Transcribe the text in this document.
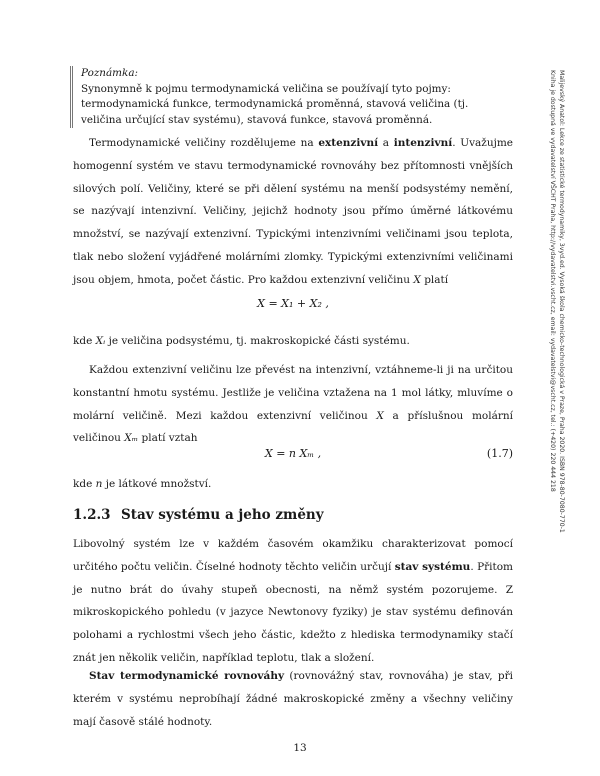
Poznámka:
Synonymně k pojmu termodynamická veličina se používají tyto pojmy: termodynamická funkce, termodynamická proměnná, stavová veličina (tj. veličina určující stav systému), stavová funkce, stavová proměnná.
Termodynamické veličiny rozdělujeme na extenzivní a intenzivní. Uvažujme homogenní systém ve stavu termodynamické rovnováhy bez přítomnosti vnějších silových polí. Veličiny, které se při dělení systému na menší podsystémy nemění, se nazývají intenzivní. Veličiny, jejichž hodnoty jsou přímo úměrné látkovému množství, se nazývají extenzivní. Typickými intenzivními veličinami jsou teplota, tlak nebo složení vyjádřené molárními zlomky. Typickými extenzivními veličinami jsou objem, hmota, počet částic. Pro každou extenzivní veličinu X platí
X = X₁ + X₂ ,
kde Xᵢ je veličina podsystému, tj. makroskopické části systému.
Každou extenzivní veličinu lze převést na intenzivní, vztáhneme-li ji na určitou konstantní hmotu systému. Jestliže je veličina vztažena na 1 mol látky, mluvíme o molární veličině. Mezi každou extenzivní veličinou X a příslušnou molární veličinou Xₘ platí vztah
X = n Xₘ ,	(1.7)
kde n je látkové množství.
1.2.3 Stav systému a jeho změny
Libovolný systém lze v každém časovém okamžiku charakterizovat pomocí určitého počtu veličin. Číselné hodnoty těchto veličin určují stav systému. Přitom je nutno brát do úvahy stupeň obecnosti, na němž systém pozorujeme. Z mikroskopického pohledu (v jazyce Newtonovy fyziky) je stav systému definován polohami a rychlostmi všech jeho částic, kdežto z hlediska termodynamiky stačí znát jen několik veličin, například teplotu, tlak a složení.
Stav termodynamické rovnováhy (rovnovážný stav, rovnováha) je stav, při kterém v systému neprobíhají žádné makroskopické změny a všechny veličiny mají časově stálé hodnoty.
13
Malijevský Anatol: Lekce ze statistické termodynamiky, 3vyd.ed. Vysoká škola chemicko-technologická v Praze, Praha 2020. ISBN 978-80-7080-770-1
Kniha je dostupná ve vydavatelství VŠCHT Praha, http://vydavatelstvi.vscht.cz, email: vydavatelstvi@vscht.cz, tel.: (+420) 220 444 218
